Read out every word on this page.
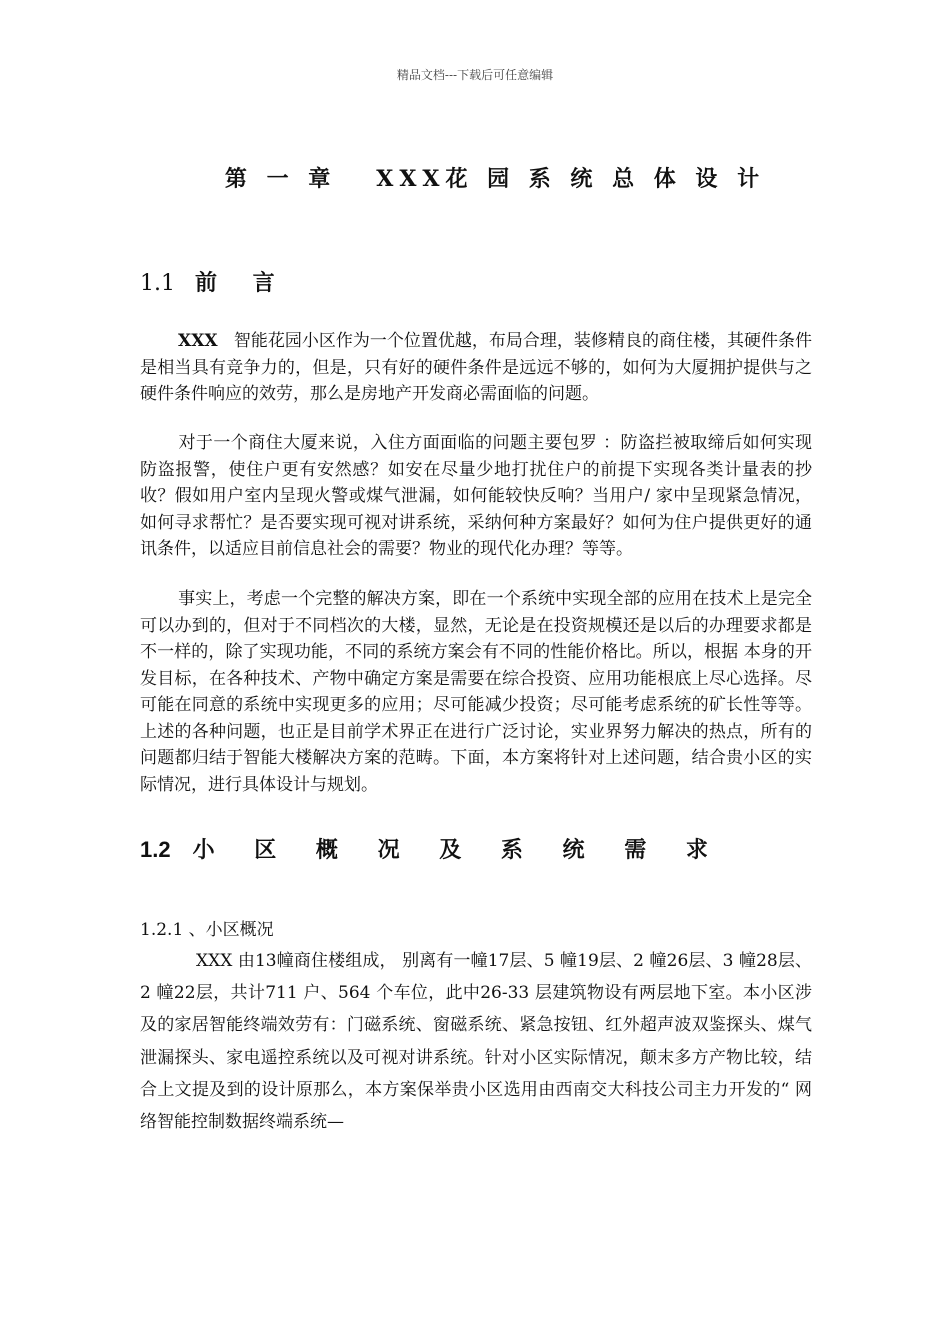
精品文档---下载后可任意编辑
第 一 章 XXX花 园 系 统 总 体 设 计
1.1 前 言
XXX 智能花园小区作为一个位置优越，布局合理，装修精良的商住楼，其硬件条件是相当具有竞争力的，但是，只有好的硬件条件是远远不够的，如何为大厦拥护提供与之硬件条件响应的效劳，那么是房地产开发商必需面临的问题。
对于一个商住大厦来说，入住方面面临的问题主要包罗 ：防盗拦被取缔后如何实现防盗报警，使住户更有安然感？如安在尽量少地打扰住户的前提下实现各类计量表的抄收？假如用户室内呈现火警或煤气泄漏，如何能较快反响？当用户/ 家中呈现紧急情况，如何寻求帮忙？是否要实现可视对讲系统，采纳何种方案最好？如何为住户提供更好的通讯条件，以适应目前信息社会的需要？物业的现代化办理？等等。
事实上，考虑一个完整的解决方案，即在一个系统中实现全部的应用在技术上是完全可以办到的，但对于不同档次的大楼，显然，无论是在投资规模还是以后的办理要求都是不一样的，除了实现功能，不同的系统方案会有不同的性能价格比。所以，根据 本身的开发目标，在各种技术、产物中确定方案是需要在综合投资、应用功能根底上尽心选择。尽可能在同意的系统中实现更多的应用；尽可能减少投资；尽可能考虑系统的矿长性等等。上述的各种问题，也正是目前学术界正在进行广泛讨论，实业界努力解决的热点，所有的问题都归结于智能大楼解决方案的范畴。下面，本方案将针对上述问题，结合贵小区的实际情况，进行具体设计与规划。
1.2 小 区 概 况 及 系 统 需 求
1.2.1 、小区概况
XXX 由13幢商住楼组成， 别离有一幢17层、5 幢19层、2 幢26层、3 幢28层、2 幢22层，共计711 户、564 个车位，此中26-33 层建筑物设有两层地下室。本小区涉及的家居智能终端效劳有：门磁系统、窗磁系统、紧急按钮、红外超声波双鉴探头、煤气泄漏探头、家电遥控系统以及可视对讲系统。针对小区实际情况，颠末多方产物比较，结合上文提及到的设计原那么，本方案保举贵小区选用由西南交大科技公司主力开发的“ 网络智能控制数据终端系统—
